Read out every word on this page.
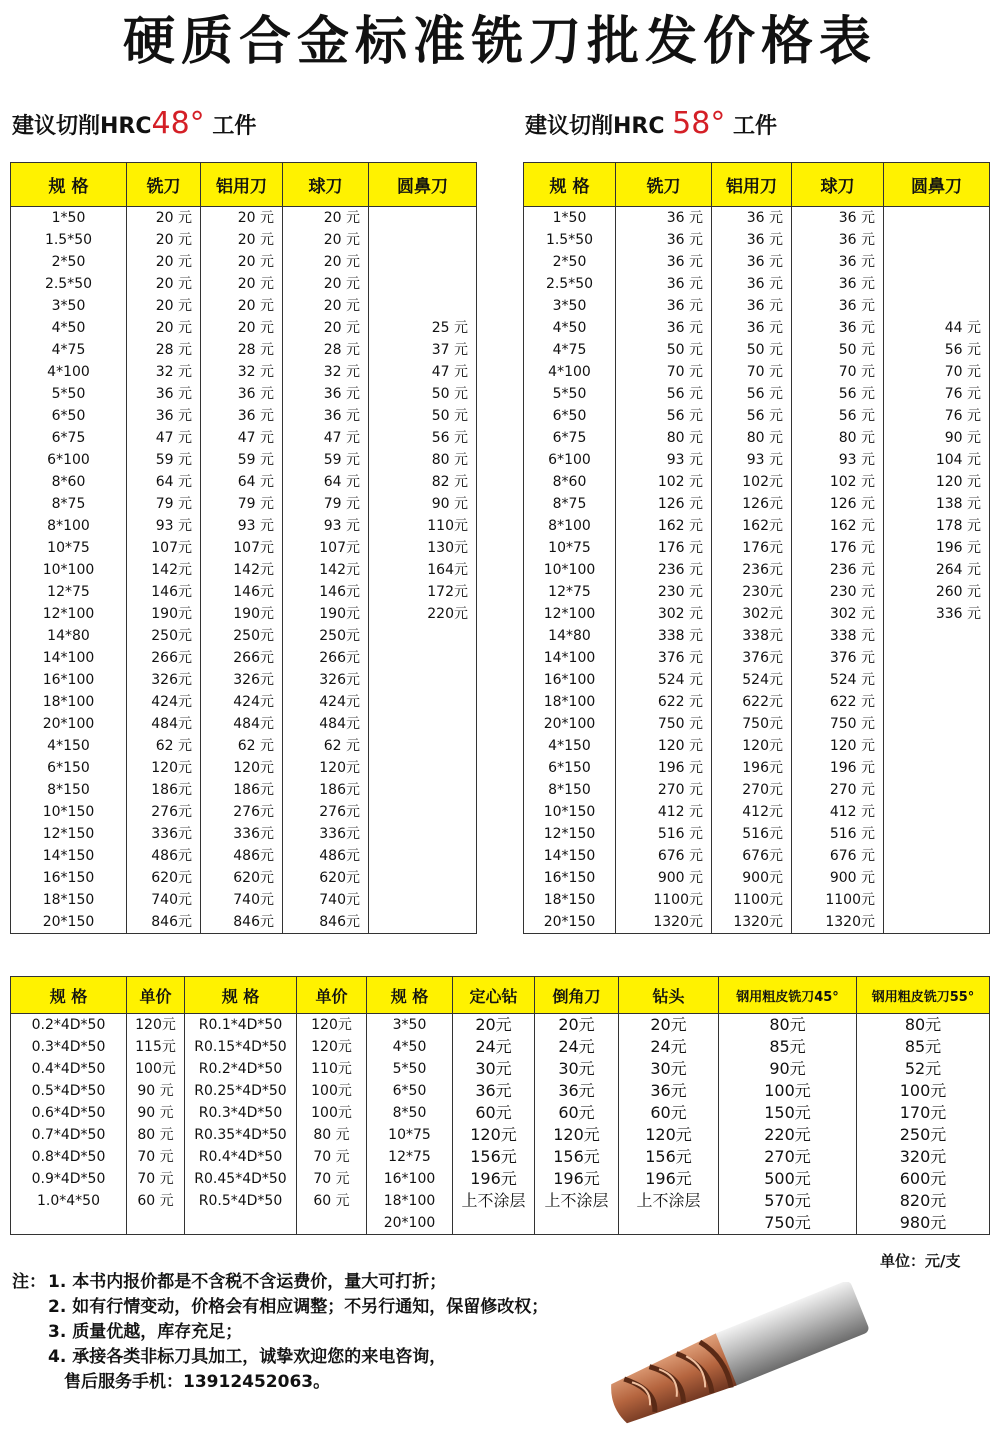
硬质合金标准铣刀批发价格表
建议切削HRC48° 工件	建议切削HRC 58° 工件
规 格	铣刀	铝用刀	球刀	圆鼻刀
1*50	20 元	20 元	20 元	
1.5*50	20 元	20 元	20 元	
2*50	20 元	20 元	20 元	
2.5*50	20 元	20 元	20 元	
3*50	20 元	20 元	20 元	
4*50	20 元	20 元	20 元	25 元
4*75	28 元	28 元	28 元	37 元
4*100	32 元	32 元	32 元	47 元
5*50	36 元	36 元	36 元	50 元
6*50	36 元	36 元	36 元	50 元
6*75	47 元	47 元	47 元	56 元
6*100	59 元	59 元	59 元	80 元
8*60	64 元	64 元	64 元	82 元
8*75	79 元	79 元	79 元	90 元
8*100	93 元	93 元	93 元	110元
10*75	107元	107元	107元	130元
10*100	142元	142元	142元	164元
12*75	146元	146元	146元	172元
12*100	190元	190元	190元	220元
14*80	250元	250元	250元	
14*100	266元	266元	266元	
16*100	326元	326元	326元	
18*100	424元	424元	424元	
20*100	484元	484元	484元	
4*150	62 元	62 元	62 元	
6*150	120元	120元	120元	
8*150	186元	186元	186元	
10*150	276元	276元	276元	
12*150	336元	336元	336元	
14*150	486元	486元	486元	
16*150	620元	620元	620元	
18*150	740元	740元	740元	
20*150	846元	846元	846元	
规 格	铣刀	铝用刀	球刀	圆鼻刀
1*50	36 元	36 元	36 元	
1.5*50	36 元	36 元	36 元	
2*50	36 元	36 元	36 元	
2.5*50	36 元	36 元	36 元	
3*50	36 元	36 元	36 元	
4*50	36 元	36 元	36 元	44 元
4*75	50 元	50 元	50 元	56 元
4*100	70 元	70 元	70 元	70 元
5*50	56 元	56 元	56 元	76 元
6*50	56 元	56 元	56 元	76 元
6*75	80 元	80 元	80 元	90 元
6*100	93 元	93 元	93 元	104 元
8*60	102 元	102元	102 元	120 元
8*75	126 元	126元	126 元	138 元
8*100	162 元	162元	162 元	178 元
10*75	176 元	176元	176 元	196 元
10*100	236 元	236元	236 元	264 元
12*75	230 元	230元	230 元	260 元
12*100	302 元	302元	302 元	336 元
14*80	338 元	338元	338 元	
14*100	376 元	376元	376 元	
16*100	524 元	524元	524 元	
18*100	622 元	622元	622 元	
20*100	750 元	750元	750 元	
4*150	120 元	120元	120 元	
6*150	196 元	196元	196 元	
8*150	270 元	270元	270 元	
10*150	412 元	412元	412 元	
12*150	516 元	516元	516 元	
14*150	676 元	676元	676 元	
16*150	900 元	900元	900 元	
18*150	1100元	1100元	1100元	
20*150	1320元	1320元	1320元	
规 格	单价	规 格	单价	规 格	定心钻	倒角刀	钻头	钢用粗皮铣刀45°	钢用粗皮铣刀55°
0.2*4D*50	120元	R0.1*4D*50	120元	3*50	20元	20元	20元	80元	80元
0.3*4D*50	115元	R0.15*4D*50	120元	4*50	24元	24元	24元	85元	85元
0.4*4D*50	100元	R0.2*4D*50	110元	5*50	30元	30元	30元	90元	52元
0.5*4D*50	90 元	R0.25*4D*50	100元	6*50	36元	36元	36元	100元	100元
0.6*4D*50	90 元	R0.3*4D*50	100元	8*50	60元	60元	60元	150元	170元
0.7*4D*50	80 元	R0.35*4D*50	80 元	10*75	120元	120元	120元	220元	250元
0.8*4D*50	70 元	R0.4*4D*50	70 元	12*75	156元	156元	156元	270元	320元
0.9*4D*50	70 元	R0.45*4D*50	70 元	16*100	196元	196元	196元	500元	600元
1.0*4*50	60 元	R0.5*4D*50	60 元	18*100	上不涂层	上不涂层	上不涂层	570元	820元
				20*100				750元	980元
单位：元/支
注： 1. 本书内报价都是不含税不含运费价，量大可打折；
2. 如有行情变动，价格会有相应调整；不另行通知，保留修改权；
3. 质量优越，库存充足；
4. 承接各类非标刀具加工，诚挚欢迎您的来电咨询，
售后服务手机：13912452063。
